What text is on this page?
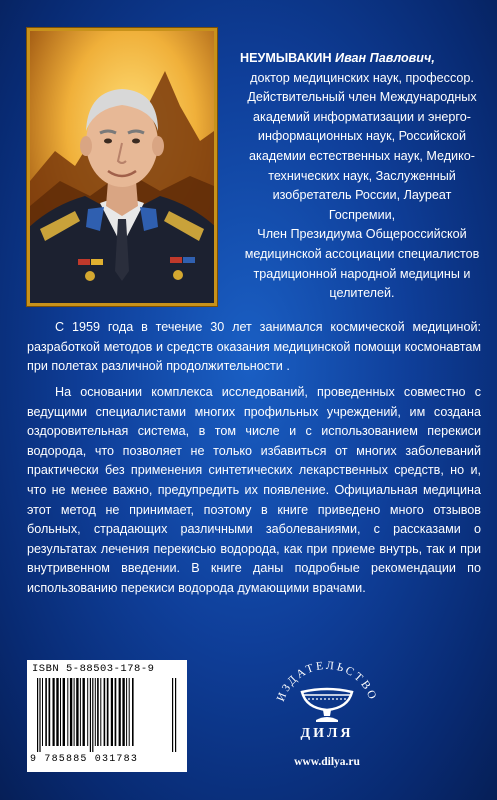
НЕУМЫВАКИН Иван Павлович,
доктор медицинских наук, профессор.
Действительный член Международных
академий информатизации и энерго-
информационных наук, Российской
академии естественных наук, Медико-
технических наук, Заслуженный
изобретатель России, Лауреат Госпремии,
Член Президиума Общероссийской
медицинской ассоциации специалистов
традиционной народной медицины и
целителей.

С 1959 года в течение 30 лет занимался космической медициной: разработкой методов и средств оказания медицинской помощи космонавтам при полетах различной продолжительности .

На основании комплекса исследований, проведенных совместно с ведущими специалистами многих профильных учреждений, им создана оздоровительная система, в том числе и с использованием перекиси водорода, что позволяет не только избавиться от многих заболеваний практически без применения синтетических лекарственных средств, но и, что не менее важно, предупредить их появление. Официальная медицина этот метод не принимает, поэтому в книге приведено много отзывов больных, страдающих различными заболеваниями, с рассказами о результатах лечения перекисью водорода, как при приеме внутрь, так и при внутривенном введении. В книге даны подробные рекомендации по использованию перекиси водорода думающими врачами.

ISBN 5-88503-178-9
9 785885 031783
ИЗДАТЕЛЬСТВО
ДИЛЯ
www.dilya.ru
